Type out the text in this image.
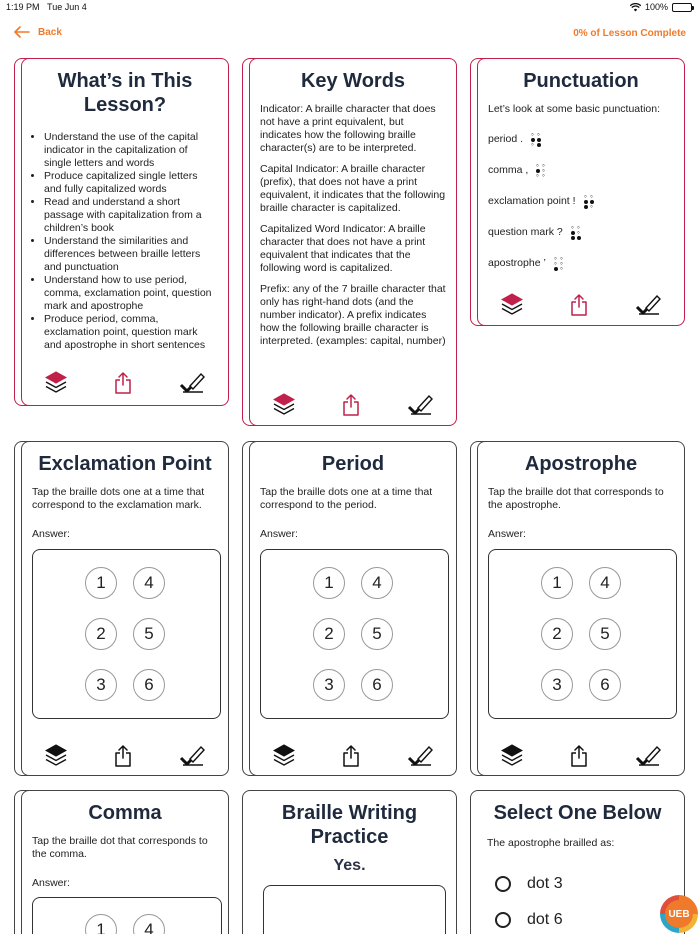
1:19 PM Tue Jun 4	100%
Back	0% of Lesson Complete
What’s in This Lesson?
• Understand the use of the capital indicator in the capitalization of single letters and words
• Produce capitalized single letters and fully capitalized words
• Read and understand a short passage with capitalization from a children’s book
• Understand the similarities and differences between braille letters and punctuation
• Understand how to use period, comma, exclamation point, question mark and apostrophe
• Produce period, comma, exclamation point, question mark and apostrophe in short sentences
Key Words

Indicator: A braille character that does not have a print equivalent, but indicates how the following braille character(s) are to be interpreted.

Capital Indicator: A braille character (prefix), that does not have a print equivalent, it indicates that the following braille character is capitalized.

Capitalized Word Indicator: A braille character that does not have a print equivalent that indicates that the following word is capitalized.

Prefix: any of the 7 braille character that only has right-hand dots (and the number indicator). A prefix indicates how the following braille character is interpreted. (examples: capital, number)

Punctuation

Let’s look at some basic punctuation:

period .
comma ,
exclamation point !
question mark ?
apostrophe ’
Exclamation Point
Tap the braille dots one at a time that correspond to the exclamation mark.
Answer:
1	4
2	5
3	6
Period
Tap the braille dots one at a time that correspond to the period.
Answer:
1	4
2	5
3	6
Apostrophe
Tap the braille dot that corresponds to the apostrophe.
Answer:
1	4
2	5
3	6
Comma
Tap the braille dot that corresponds to the comma.
Answer:
1	4
Braille Writing Practice
Yes.
Select One Below
The apostrophe brailled as:
dot 3
dot 6	UEB
